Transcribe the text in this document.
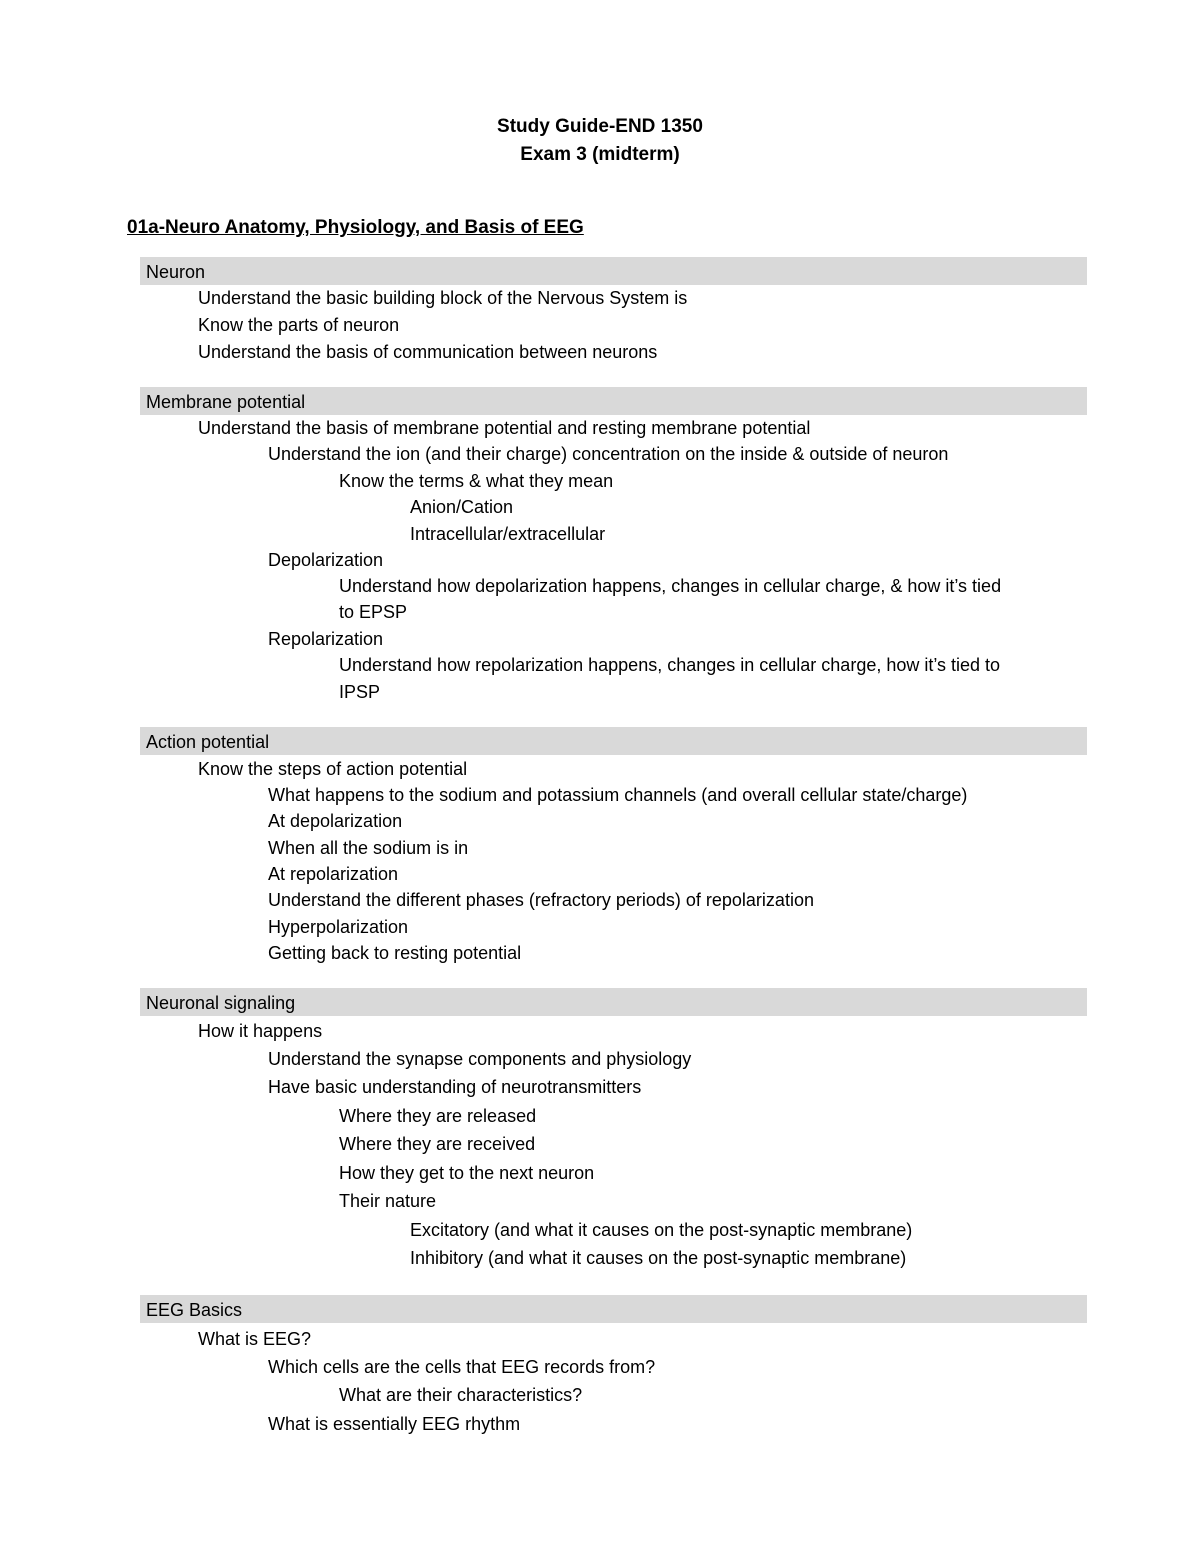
Study Guide-END 1350
Exam 3 (midterm)
01a-Neuro Anatomy, Physiology, and Basis of EEG
Neuron
Understand the basic building block of the Nervous System is
Know the parts of neuron
Understand the basis of communication between neurons
Membrane potential
Understand the basis of membrane potential and resting membrane potential
Understand the ion (and their charge) concentration on the inside & outside of neuron
Know the terms & what they mean
Anion/Cation
Intracellular/extracellular
Depolarization
Understand how depolarization happens, changes in cellular charge, & how it’s tied
to EPSP
Repolarization
Understand how repolarization happens, changes in cellular charge, how it’s tied to
IPSP
Action potential
Know the steps of action potential
What happens to the sodium and potassium channels (and overall cellular state/charge)
At depolarization
When all the sodium is in
At repolarization
Understand the different phases (refractory periods) of repolarization
Hyperpolarization
Getting back to resting potential
Neuronal signaling
How it happens
Understand the synapse components and physiology
Have basic understanding of neurotransmitters
Where they are released
Where they are received
How they get to the next neuron
Their nature
Excitatory (and what it causes on the post-synaptic membrane)
Inhibitory (and what it causes on the post-synaptic membrane)
EEG Basics
What is EEG?
Which cells are the cells that EEG records from?
What are their characteristics?
What is essentially EEG rhythm
